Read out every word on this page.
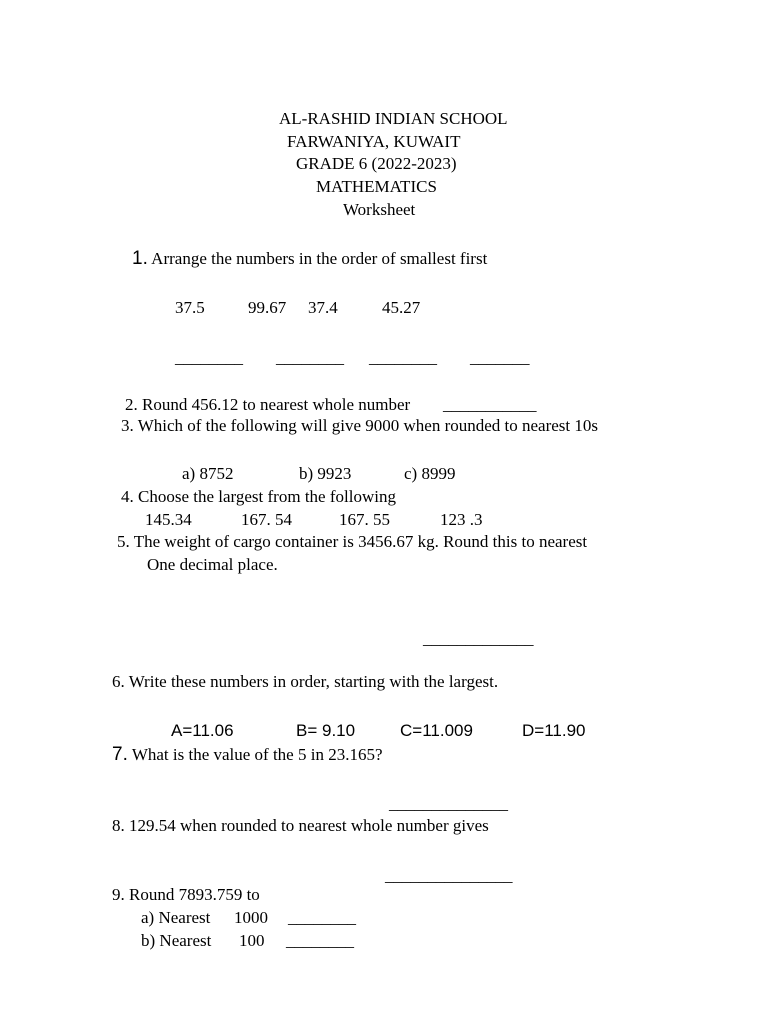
AL-RASHID INDIAN SCHOOL
FARWANIYA, KUWAIT
GRADE 6 (2022-2023)
MATHEMATICS
Worksheet
1. Arrange the numbers in the order of smallest first
37.5	99.67 37.4	45.27
________ ________ ________ _______
2. Round 456.12 to nearest whole number ___________
3. Which of the following will give 9000 when rounded to nearest 10s
a) 8752	b) 9923	c) 8999
4. Choose the largest from the following
145.34	167. 54	167. 55	123 .3
5. The weight of cargo container is 3456.67 kg. Round this to nearest
One decimal place.
_____________
6. Write these numbers in order, starting with the largest.
A=11.06	B= 9.10	C=11.009	D=11.90
7. What is the value of the 5 in 23.165?
______________
8. 129.54 when rounded to nearest whole number gives
_______________
9. Round 7893.759 to
a) Nearest 1000 ________
b) Nearest 100 ________
